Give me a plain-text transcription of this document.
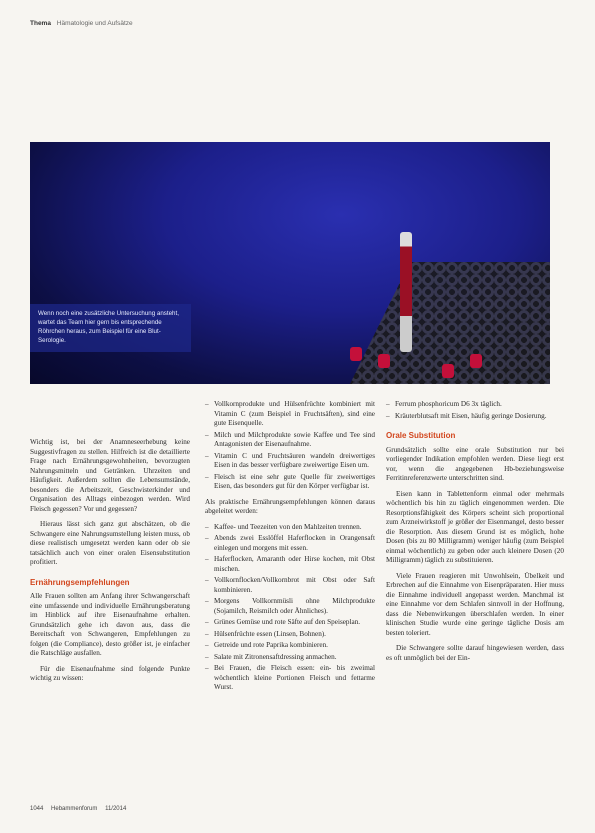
Thema Hämatologie und Aufsätze
Wenn noch eine zusätzliche Untersuchung ansteht, wartet das Team hier gern bis entsprechende Röhrchen heraus, zum Beispiel für eine Blut-Serologie.

Wichtig ist, bei der Anamneseerhebung keine Suggestivfragen zu stellen. Hilfreich ist die detaillierte Frage nach Ernährungsgewohnheiten, bevorzugten Nahrungsmitteln und Getränken. Uhrzeiten und Häufigkeit. Außerdem sollten die Lebensumstände, besonders die Arbeitszeit, Geschwisterkinder und Organisation des Alltags einbezogen werden. Wird Fleisch gegessen? Vor und gegessen?

Hieraus lässt sich ganz gut abschätzen, ob die Schwangere eine Nahrungsumstellung leisten muss, ob diese realistisch umgesetzt werden kann oder ob sie tatsächlich auch von einer oralen Eisensubstitution profitiert.

Ernährungsempfehlungen

Alle Frauen sollten am Anfang ihrer Schwangerschaft eine umfassende und individuelle Ernährungsberatung im Hinblick auf ihre Eisenaufnahme erhalten. Grundsätzlich gehe ich davon aus, dass die Bereitschaft von Schwangeren, Empfehlungen zu folgen (die Compliance), desto größer ist, je einfacher die Ratschläge ausfallen.

Für die Eisenaufnahme sind folgende Punkte wichtig zu wissen:

– Vollkornprodukte und Hülsenfrüchte kombiniert mit Vitamin C (zum Beispiel in Fruchtsäften), sind eine gute Eisenquelle.
– Milch und Milchprodukte sowie Kaffee und Tee sind Antagonisten der Eisenaufnahme.
– Vitamin C und Fruchtsäuren wandeln dreiwertiges Eisen in das besser verfügbare zweiwertige Eisen um.
– Fleisch ist eine sehr gute Quelle für zweiwertiges Eisen, das besonders gut für den Körper verfügbar ist.

Als praktische Ernährungsempfehlungen können daraus abgeleitet werden:

– Kaffee- und Teezeiten von den Mahlzeiten trennen.
– Abends zwei Esslöffel Haferflocken in Orangensaft einlegen und morgens mit essen.
– Haferflocken, Amaranth oder Hirse kochen, mit Obst mischen.
– Vollkornflocken/Vollkornbrot mit Obst oder Saft kombinieren.
– Morgens Vollkornmüsli ohne Milchprodukte (Sojamilch, Reismilch oder Ähnliches).
– Grünes Gemüse und rote Säfte auf den Speiseplan.
– Hülsenfrüchte essen (Linsen, Bohnen).
– Getreide und rote Paprika kombinieren.
– Salate mit Zitronensaftdressing anmachen.
– Bei Frauen, die Fleisch essen: ein- bis zweimal wöchentlich kleine Portionen Fleisch und fettarme Wurst.
– Ferrum phosphoricum D6 3x täglich.
– Kräuterblutsaft mit Eisen, häufig geringe Dosierung.
Orale Substitution

Grundsätzlich sollte eine orale Substitution nur bei vorliegender Indikation empfohlen werden. Diese liegt erst vor, wenn die angegebenen Hb-beziehungsweise Ferritinreferenzwerte unterschritten sind.

Eisen kann in Tablettenform einmal oder mehrmals wöchentlich bis hin zu täglich eingenommen werden. Die Resorptionsfähigkeit des Körpers scheint sich proportional zum Arzneiwirkstoff je größer der Eisenmangel, desto besser die Resorption. Aus diesem Grund ist es möglich, hohe Dosen (bis zu 80 Milligramm) weniger häufig (zum Beispiel einmal wöchentlich) zu geben oder auch kleinere Dosen (20 Milligramm) täglich zu substituieren.

Viele Frauen reagieren mit Unwohlsein, Übelkeit und Erbrechen auf die Einnahme von Eisenpräparaten. Hier muss die Einnahme individuell angepasst werden. Manchmal ist eine Einnahme vor dem Schlafen sinnvoll in der Hoffnung, dass die Nebenwirkungen überschlafen werden. In einer klinischen Studie wurde eine geringe tägliche Dosis am besten toleriert.

Die Schwangere sollte darauf hingewiesen werden, dass es oft unmöglich bei der Ein-

1044 Hebammenforum 11/2014
